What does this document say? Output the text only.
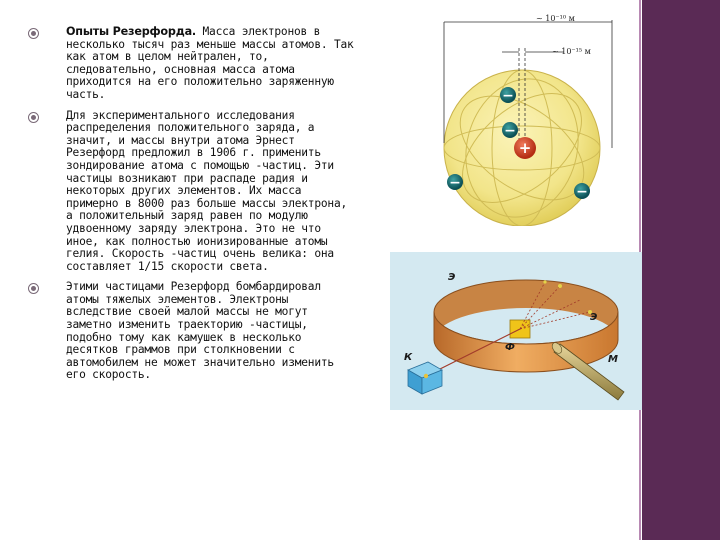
Опыты Резерфорда. Масса электронов в несколько тысяч раз меньше массы атомов. Так как атом в целом нейтрален, то, следовательно, основная масса атома приходится на его положительно заряженную часть.
Для экспериментального исследования распределения положительного заряда, а значит, и массы внутри атома Эрнест Резерфорд предложил в 1906 г. применить зондирование атома с помощью -частиц. Эти частицы возникают при распаде радия и некоторых других элементов. Их масса примерно в 8000 раз больше массы электрона, а положительный заряд равен по модулю удвоенному заряду электрона. Это не что иное, как полностью ионизированные атомы гелия. Скорость -частиц очень велика: она составляет 1/15 скорости света.
Этими частицами Резерфорд бомбардировал атомы тяжелых элементов. Электроны вследствие своей малой массы не могут заметно изменить траекторию -частицы, подобно тому как камушек в несколько десятков граммов при столкновении с автомобилем не может значительно изменить его скорость.
~ 10⁻¹⁰ м
~ 10⁻¹⁵ м
+
−
−
−
−
Э
Э
Ф
К	М
